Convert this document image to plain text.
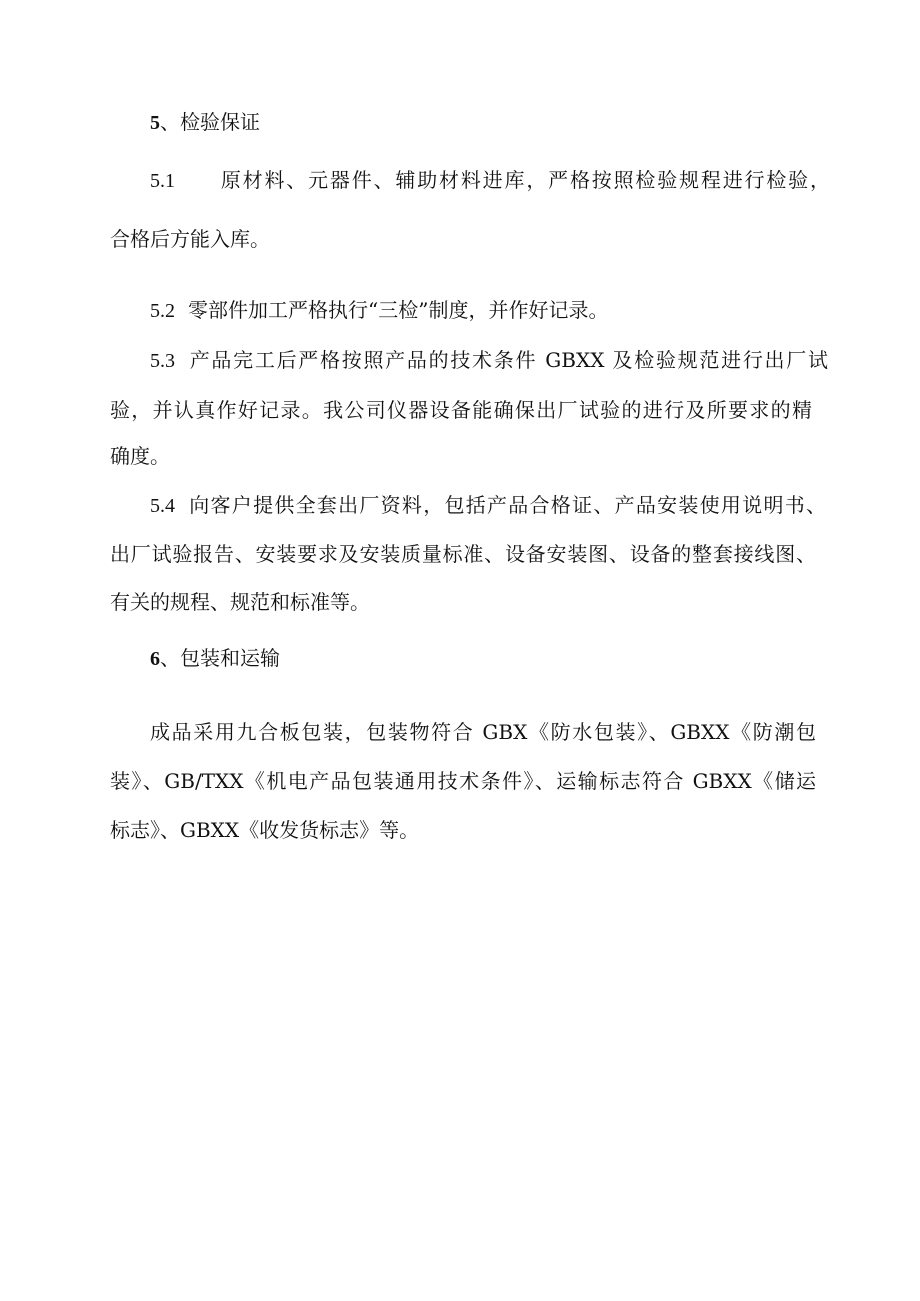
5、检验保证
5.1 原材料、元器件、辅助材料进库，严格按照检验规程进行检验，
合格后方能入库。
5.2 零部件加工严格执行“三检”制度，并作好记录。
5.3 产品完工后严格按照产品的技术条件 GBXX 及检验规范进行出厂试
验，并认真作好记录。我公司仪器设备能确保出厂试验的进行及所要求的精
确度。
5.4 向客户提供全套出厂资料，包括产品合格证、产品安装使用说明书、
出厂试验报告、安装要求及安装质量标准、设备安装图、设备的整套接线图、
有关的规程、规范和标准等。
6、包装和运输
成品采用九合板包装，包装物符合 GBX《防水包装》、GBXX《防潮包
装》、GB/TXX《机电产品包装通用技术条件》、运输标志符合 GBXX《储运
标志》、GBXX《收发货标志》等。
